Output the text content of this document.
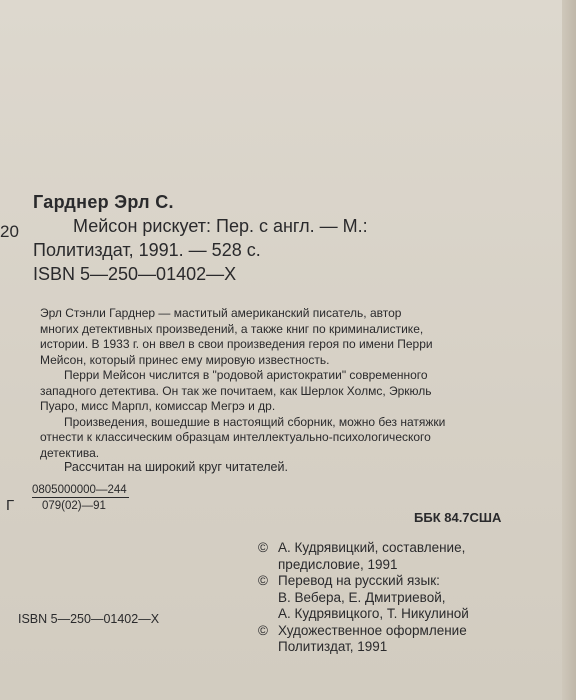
Гарднер Эрл С.

20	Мейсон рискует: Пер. с англ. — М.:

Политиздат, 1991. — 528 с.

ISBN 5—250—01402—X

Эрл Стэнли Гарднер — маститый американский писатель, автор
многих детективных произведений, а также книг по криминалистике,
истории. В 1933 г. он ввел в свои произведения героя по имени Перри
Мейсон, который принес ему мировую известность.
Перри Мейсон числится в "родовой аристократии" современного
западного детектива. Он так же почитаем, как Шерлок Холмс, Эркюль
Пуаро, мисс Марпл, комиссар Мегрэ и др.
Произведения, вошедшие в настоящий сборник, можно без натяжки
отнести к классическим образцам интеллектуально-психологического
детектива.

Рассчитан на широкий круг читателей.

Г $\frac{0805000000—244}{079(02)—91}$

ББК 84.7США

© А. Кудрявицкий, составление,
предисловие, 1991
© Перевод на русский язык:
В. Вебера, Е. Дмитриевой,
А. Кудрявицкого, Т. Никулиной
© Художественное оформление
Политиздат, 1991

ISBN 5—250—01402—X
